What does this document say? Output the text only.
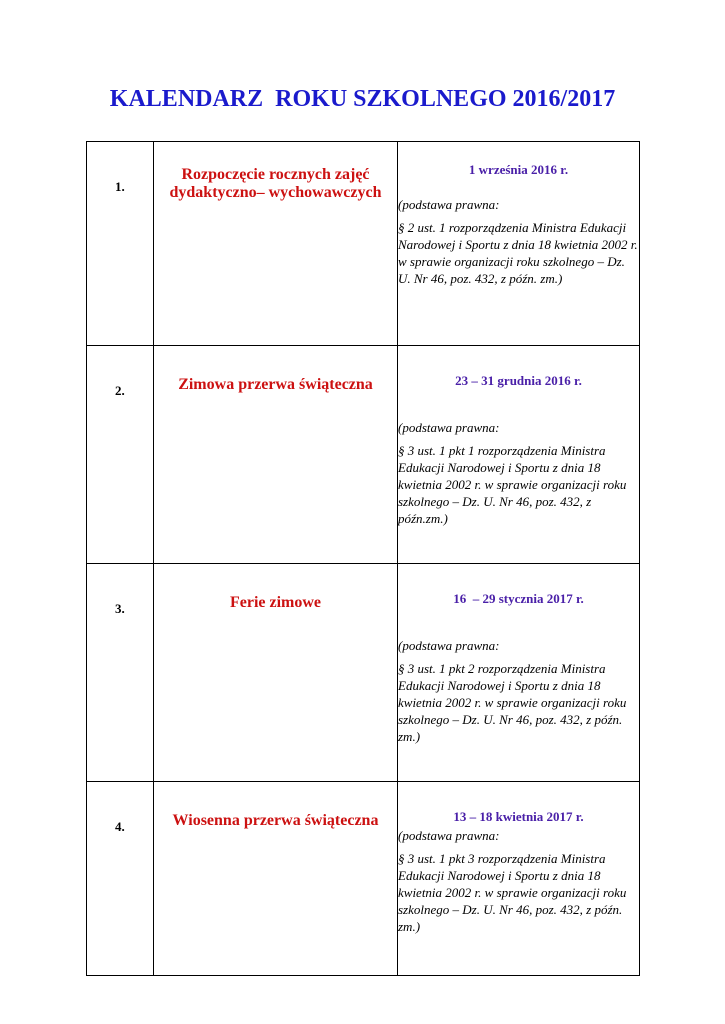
KALENDARZ  ROKU SZKOLNEGO 2016/2017
1.	Rozpoczęcie rocznych zajęć dydaktyczno– wychowawczych	1 września 2016 r.
(podstawa prawna:
§ 2 ust. 1 rozporządzenia Ministra Edukacji Narodowej i Sportu z dnia 18 kwietnia 2002 r. w sprawie organizacji roku szkolnego – Dz. U. Nr 46, poz. 432, z późn. zm.)

2.	Zimowa przerwa świąteczna	23 – 31 grudnia 2016 r.
(podstawa prawna:
§ 3 ust. 1 pkt 1 rozporządzenia Ministra Edukacji Narodowej i Sportu z dnia 18 kwietnia 2002 r. w sprawie organizacji roku szkolnego – Dz. U. Nr 46, poz. 432, z późn.zm.)

3.	Ferie zimowe	16  – 29 stycznia 2017 r.
(podstawa prawna:
§ 3 ust. 1 pkt 2 rozporządzenia Ministra Edukacji Narodowej i Sportu z dnia 18 kwietnia 2002 r. w sprawie organizacji roku szkolnego – Dz. U. Nr 46, poz. 432, z późn. zm.)

4.	Wiosenna przerwa świąteczna	13 – 18 kwietnia 2017 r.
(podstawa prawna:
§ 3 ust. 1 pkt 3 rozporządzenia Ministra Edukacji Narodowej i Sportu z dnia 18 kwietnia 2002 r. w sprawie organizacji roku szkolnego – Dz. U. Nr 46, poz. 432, z późn. zm.)
